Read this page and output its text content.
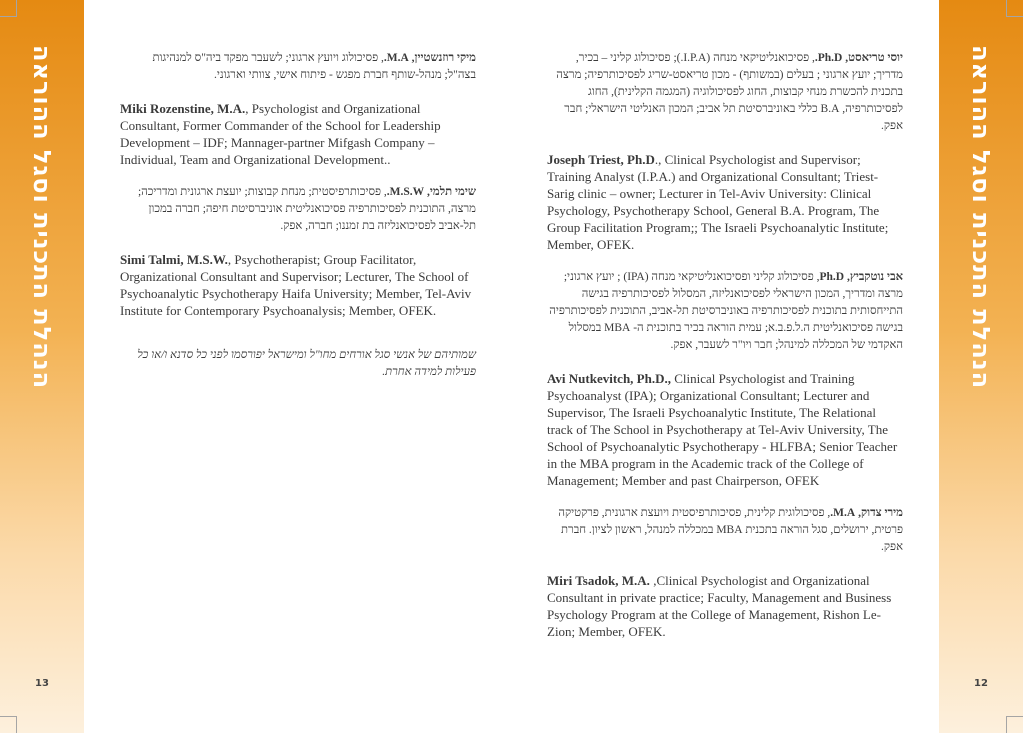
הנהלת התכנית וסגל ההוראה
13
הנהלת התכנית וסגל ההוראה
12

מיקי רוזנשטיין, M.A., פסיכולוג ויועץ ארגוני; לשעבר מפקד ביה"ס למנהיגות בצה"ל; מנהל-שותף חברת מפגש - פיתוח אישי, צוותי וארגוני.

Miki Rozenstine, M.A., Psychologist and Organizational Consultant, Former Commander of the School for Leadership Development – IDF; Mannager-partner Mifgash Company – Individual, Team and Organizational Development..

שימי תלמי, M.S.W., פסיכותרפיסטית; מנחת קבוצות; יועצת ארגונית ומדריכה; מרצה, התוכנית לפסיכותרפיה פסיכואנליטית אוניברסיטת חיפה; חברה במכון תל-אביב לפסיכואנליזה בת זמננו; חברה, אפק.

Simi Talmi, M.S.W., Psychotherapist; Group Facilitator, Organizational Consultant and Supervisor; Lecturer, The School of Psychoanalytic Psychotherapy Haifa University; Member, Tel-Aviv Institute for Contemporary Psychoanalysis; Member, OFEK.

שמותיהם של אנשי סגל אורחים מחו"ל ומישראל יפורסמו לפני כל סדנא ו/או כל פעילות למידה אחרת.

יוסי טריאסט, Ph.D., פסיכואנליטיקאי מנחה (I.P.A.); פסיכולוג קליני – בכיר, מדריך; יועץ ארגוני ; בעלים (במשותף) - מכון טריאסט-שריג לפסיכותרפיה; מרצה בתכנית להכשרת מנחי קבוצות, החוג לפסיכולוגיה (המגמה הקלינית), החוג לפסיכותרפיה, B.A כללי באוניברסיטת תל אביב; המכון האנליטי הישראלי; חבר אפק.

Joseph Triest, Ph.D., Clinical Psychologist and Supervisor; Training Analyst (I.P.A.) and Organizational Consultant; Triest-Sarig clinic – owner; Lecturer in Tel-Aviv University: Clinical Psychology, Psychotherapy School, General B.A. Program, The Group Facilitation Program;; The Israeli Psychoanalytic Institute; Member, OFEK.

אבי נוטקביץ, Ph.D, פסיכולוג קליני ופסיכואנליטיקאי מנחה (IPA) ; יועץ ארגוני; מרצה ומדריך, המכון הישראלי לפסיכואנליזה, המסלול לפסיכותרפיה בגישה התייחסותית בתוכנית לפסיכותרפיה באוניברסיטת תל-אביב, התוכנית לפסיכותרפיה בגישה פסיכואנליטית ה.ל.פ.ב.א; עמית הוראה בכיר בתוכנית ה- MBA במסלול האקדמי של המכללה למינהל; חבר ויו"ר לשעבר, אפק.

Avi Nutkevitch, Ph.D., Clinical Psychologist and Training Psychoanalyst (IPA); Organizational Consultant; Lecturer and Supervisor, The Israeli Psychoanalytic Institute, The Relational track of The School in Psychotherapy at Tel-Aviv University, The School of Psychoanalytic Psychotherapy - HLFBA; Senior Teacher in the MBA program in the Academic track of the College of Management; Member and past Chairperson, OFEK

מירי צדוק, M.A., פסיכולוגית קלינית, פסיכותרפיסטית ויועצת ארגונית, פרקטיקה פרטית, ירושלים, סגל הוראה בתכנית MBA במכללה למנהל, ראשון לציון. חברת אפק.

Miri Tsadok, M.A. ,Clinical Psychologist and Organizational Consultant in private practice; Faculty, Management and Business Psychology Program at the College of Management, Rishon Le-Zion; Member, OFEK.
